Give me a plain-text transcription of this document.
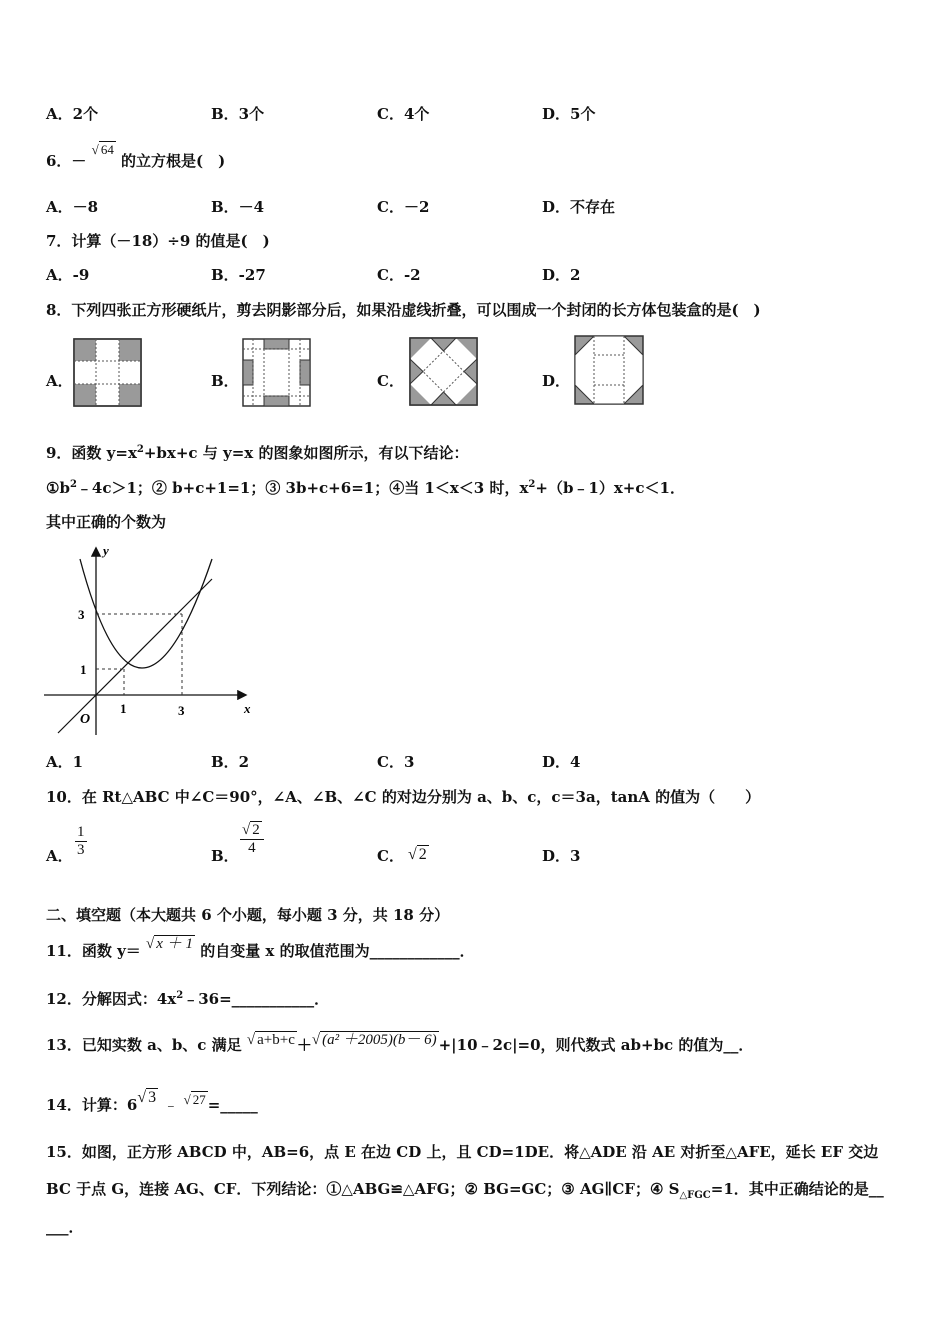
A．2个	B．3个	C．4个	D．5个
6．－ √ 64 的立方根是(　)
A．－8	B．－4	C．－2	D．不存在
7．计算（－18）÷9 的值是(　)
A．-9	B．-27	C．-2	D．2
8．下列四张正方形硬纸片，剪去阴影部分后，如果沿虚线折叠，可以围成一个封闭的长方体包装盒的是(　)
A．	B．	C．	D．
9．函数 $y=x^2+bx+c$ 与 y=x 的图象如图所示，有以下结论：
$①b^2﹣4c>1$；② b+c+1=1；③ 3b+c+6=1；④当 1＜x＜3 时，$x^2+(b﹣1)x+c<1$．
其中正确的个数为
y
x
O
3
1
1	3
A．1	B．2	C．3	D．4
10．在 Rt△ABC 中∠C＝90°，∠A、∠B、∠C 的对边分别为 a、b、c，c＝3a，tanA 的值为（　　）
A． $\frac{1}{3}$	B． $\frac{√ 2}{4}$	C． √ 2	D．3
二、填空题（本大题共 6 个小题，每小题 3 分，共 18 分）
11．函数 y＝ √ x ＋ 1 的自变量 x 的取值范围为____________．
12．分解因式：$4x^2﹣36=\_\_\_\_\_\_\_\_\_\_\_$．
13．已知实数 a、b、c 满足 √ a+b+c ＋√ (a² ＋2005)(b－ 6) +|10﹣2c|=0，则代数式 ab+bc 的值为__．
14．计算：6√ 3 ﹣ √ 27 =_____
15．如图，正方形 ABCD 中，AB=6，点 E 在边 CD 上，且 CD=1DE．将△ADE 沿 AE 对折至△AFE，延长 EF 交边
BC 于点 G，连接 AG、CF．下列结论：①△ABG≌△AFG；② BG=GC；③ AG∥CF；④ $S_{\triangle FGC}=1$．其中正确结论的是__
___．
